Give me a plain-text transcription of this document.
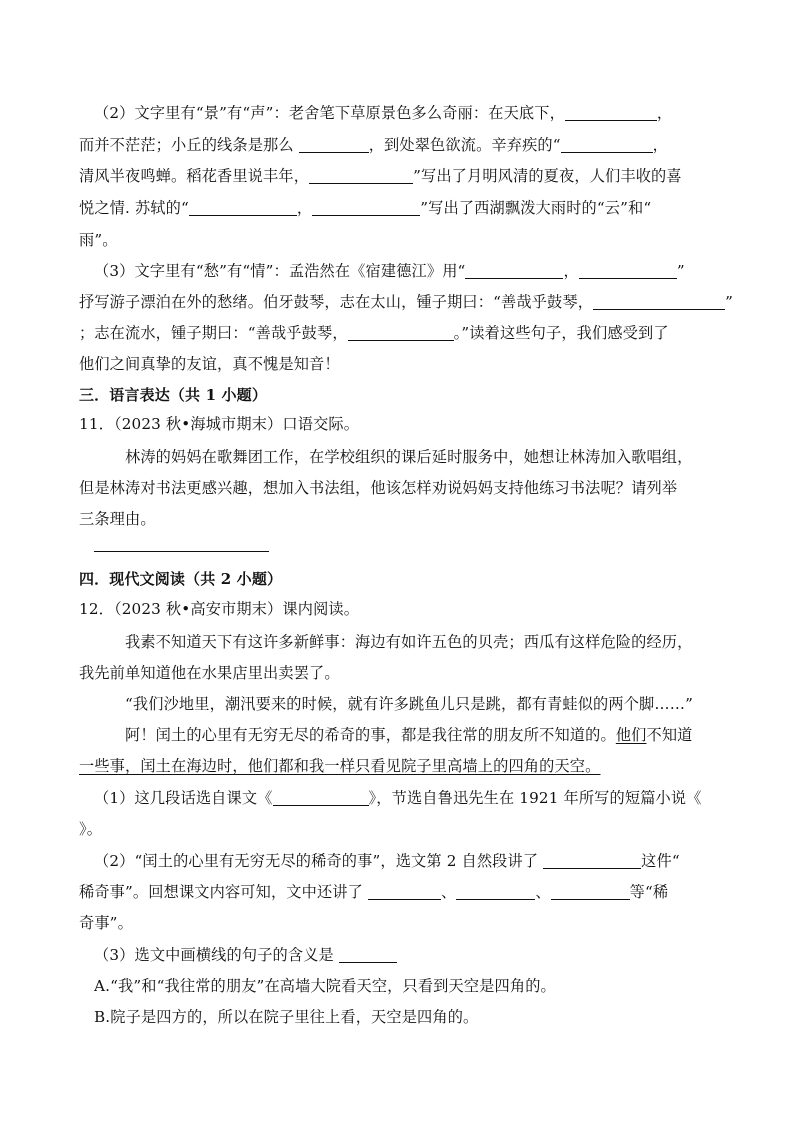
（2）文字里有“景”有“声”：老舍笔下草原景色多么奇丽：在天底下，	，
而并不茫茫；小丘的线条是那么	，到处翠色欲流。辛弃疾的“	，
清风半夜鸣蝉。稻花香里说丰年，	”写出了月明风清的夏夜，人们丰收的喜
悦之情. 苏轼的“	，	”写出了西湖飘泼大雨时的“云”和“
雨”。
（3）文字里有“愁”有“情”：孟浩然在《宿建德江》用“	，	”
抒写游子漂泊在外的愁绪。伯牙鼓琴，志在太山，锺子期曰：“善哉乎鼓琴，	”
；志在流水，锺子期曰：“善哉乎鼓琴，	。”读着这些句子，我们感受到了
他们之间真挚的友谊，真不愧是知音！
三．语言表达（共 1 小题）
11．（2023 秋•海城市期末）口语交际。
林涛的妈妈在歌舞团工作，在学校组织的课后延时服务中，她想让林涛加入歌唱组，
但是林涛对书法更感兴趣，想加入书法组，他该怎样劝说妈妈支持他练习书法呢？请列举
三条理由。
四．现代文阅读（共 2 小题）
12．（2023 秋•高安市期末）课内阅读。
我素不知道天下有这许多新鲜事：海边有如许五色的贝壳；西瓜有这样危险的经历，
我先前单知道他在水果店里出卖罢了。
“我们沙地里，潮汛要来的时候，就有许多跳鱼儿只是跳，都有青蛙似的两个脚……”
阿！闰土的心里有无穷无尽的希奇的事，都是我往常的朋友所不知道的。他们不知道
一些事，闰土在海边时，他们都和我一样只看见院子里高墙上的四角的天空。
（1）这几段话选自课文《	》，节选自鲁迅先生在 1921 年所写的短篇小说《
》。
（2）“闰土的心里有无穷无尽的稀奇的事”，选文第 2 自然段讲了	这件“
稀奇事”。回想课文内容可知，文中还讲了	、	、	等“稀
奇事”。
（3）选文中画横线的句子的含义是
A.“我”和“我往常的朋友”在高墙大院看天空，只看到天空是四角的。
B.院子是四方的，所以在院子里往上看，天空是四角的。
